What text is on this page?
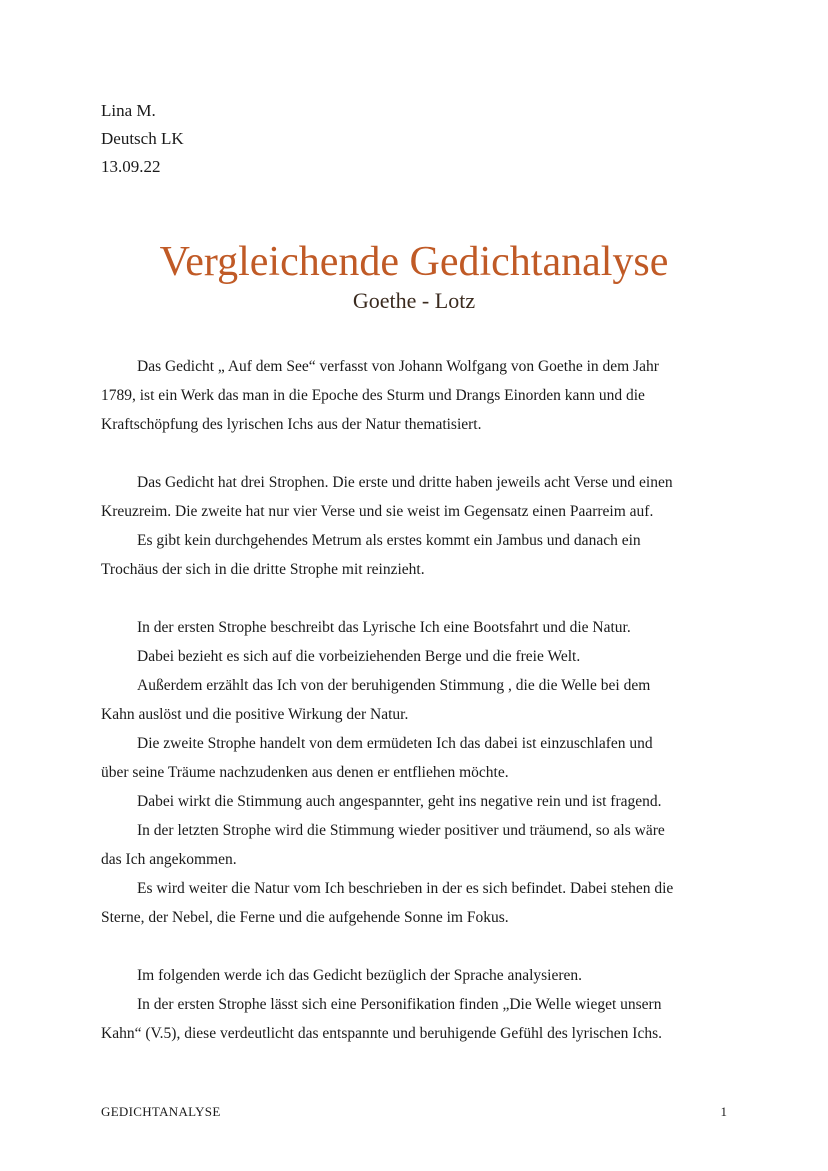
Lina M.
Deutsch LK
13.09.22
Vergleichende Gedichtanalyse
Goethe - Lotz
Das Gedicht „ Auf dem See“ verfasst von Johann Wolfgang von Goethe in dem Jahr
1789, ist ein Werk das man in die Epoche des Sturm und Drangs Einorden kann und die
Kraftschöpfung des lyrischen Ichs aus der Natur thematisiert.
Das Gedicht hat drei Strophen. Die erste und dritte haben jeweils acht Verse und einen
Kreuzreim. Die zweite hat nur vier Verse und sie weist im Gegensatz einen Paarreim auf.
Es gibt kein durchgehendes Metrum als erstes kommt ein Jambus und danach ein
Trochäus der sich in die dritte Strophe mit reinzieht.
In der ersten Strophe beschreibt das Lyrische Ich eine Bootsfahrt und die Natur.
Dabei bezieht es sich auf die vorbeiziehenden Berge und die freie Welt.
Außerdem erzählt das Ich von der beruhigenden Stimmung , die die Welle bei dem
Kahn auslöst und die positive Wirkung der Natur.
Die zweite Strophe handelt von dem ermüdeten Ich das dabei ist einzuschlafen und
über seine Träume nachzudenken aus denen er entfliehen möchte.
Dabei wirkt die Stimmung auch angespannter, geht ins negative rein und ist fragend.
In der letzten Strophe wird die Stimmung wieder positiver und träumend, so als wäre
das Ich angekommen.
Es wird weiter die Natur vom Ich beschrieben in der es sich befindet. Dabei stehen die
Sterne, der Nebel, die Ferne und die aufgehende Sonne im Fokus.
Im folgenden werde ich das Gedicht bezüglich der Sprache analysieren.
In der ersten Strophe lässt sich eine Personifikation finden „Die Welle wieget unsern
Kahn“ (V.5), diese verdeutlicht das entspannte und beruhigende Gefühl des lyrischen Ichs.
GEDICHTANALYSE	1
